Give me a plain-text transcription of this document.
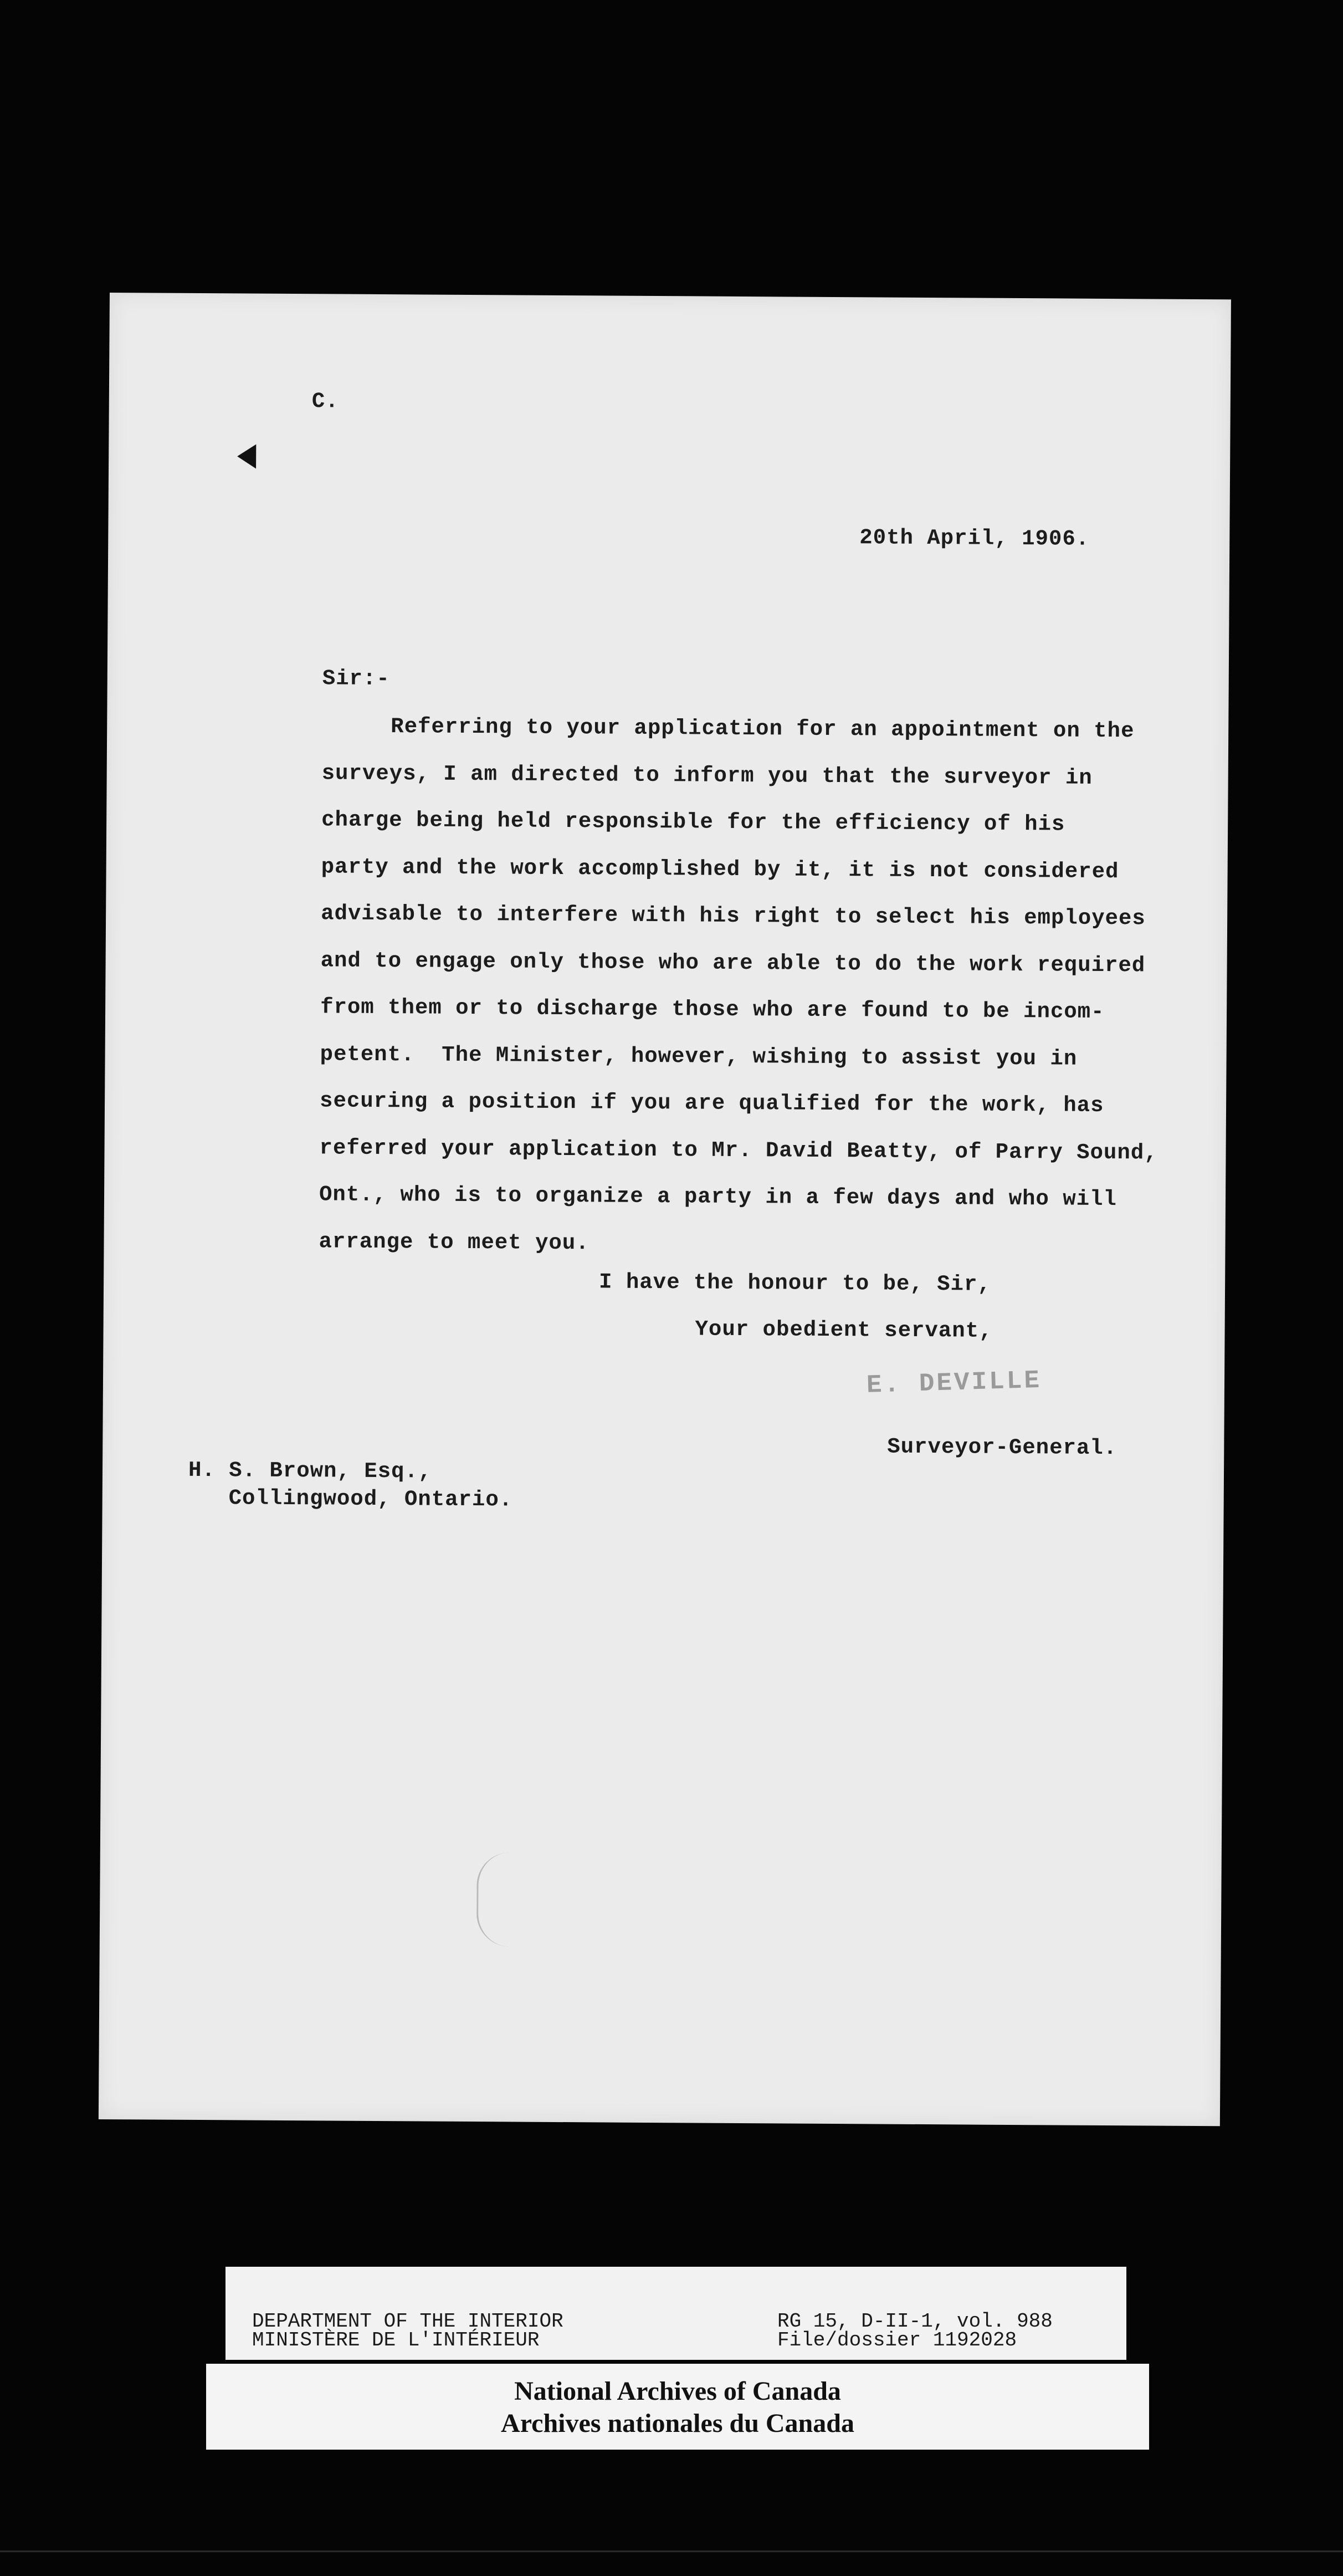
C.
20th April, 1906.
Sir:-
Referring to your application for an appointment on the
surveys, I am directed to inform you that the surveyor in
charge being held responsible for the efficiency of his
party and the work accomplished by it, it is not considered
advisable to interfere with his right to select his employees
and to engage only those who are able to do the work required
from them or to discharge those who are found to be incom-
petent.  The Minister, however, wishing to assist you in
securing a position if you are qualified for the work, has
referred your application to Mr. David Beatty, of Parry Sound,
Ont., who is to organize a party in a few days and who will
arrange to meet you.
I have the honour to be, Sir,
Your obedient servant,
E. DEVILLE
Surveyor-General.
H. S. Brown, Esq.,
Collingwood, Ontario.
DEPARTMENT OF THE INTERIOR
MINISTÈRE DE L'INTÉRIEUR
RG 15, D-II-1, vol. 988
File/dossier 1192028
National Archives of Canada
Archives nationales du Canada
